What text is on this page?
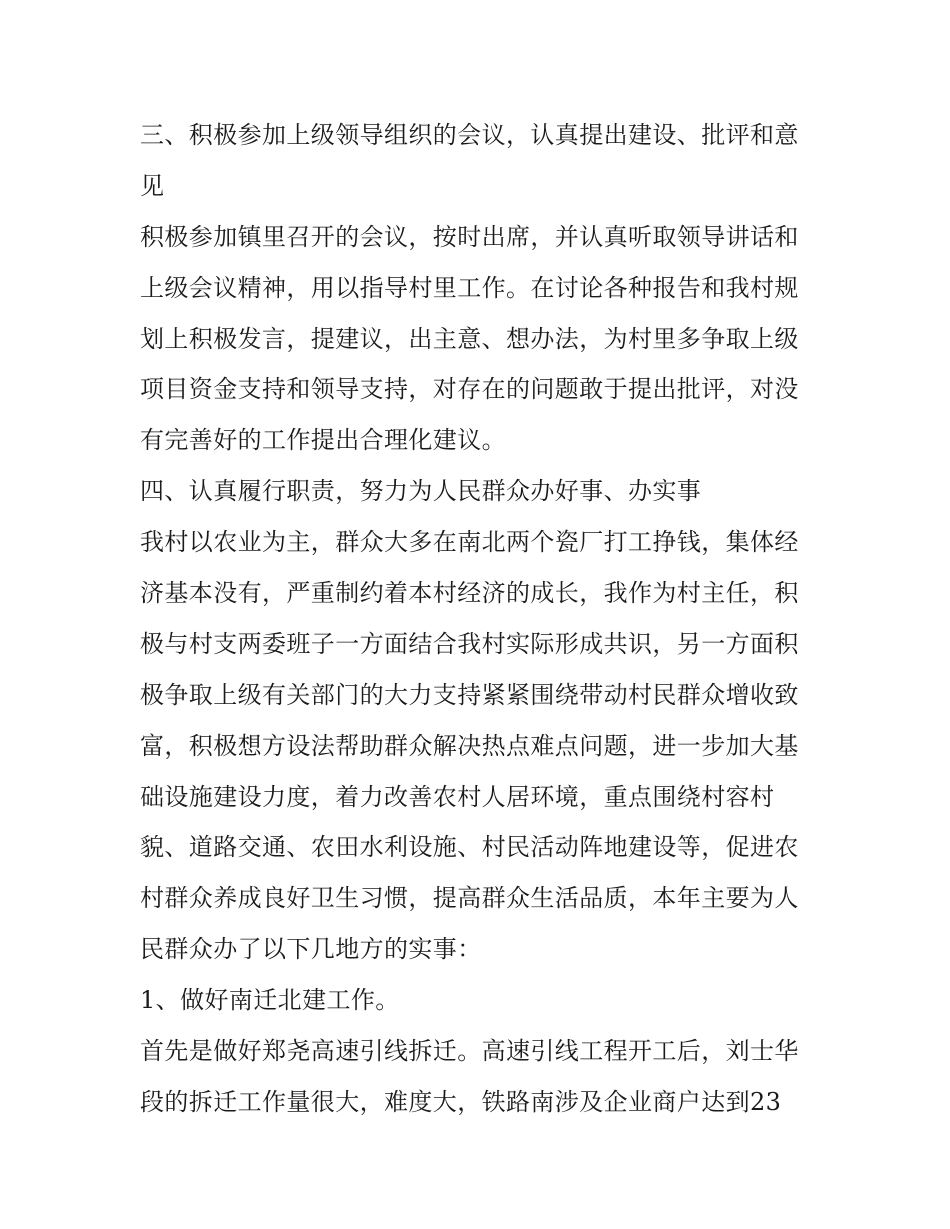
三、积极参加上级领导组织的会议，认真提出建设、批评和意
见
积极参加镇里召开的会议，按时出席，并认真听取领导讲话和
上级会议精神，用以指导村里工作。在讨论各种报告和我村规
划上积极发言，提建议，出主意、想办法，为村里多争取上级
项目资金支持和领导支持，对存在的问题敢于提出批评，对没
有完善好的工作提出合理化建议。
四、认真履行职责，努力为人民群众办好事、办实事
我村以农业为主，群众大多在南北两个瓷厂打工挣钱，集体经
济基本没有，严重制约着本村经济的成长，我作为村主任，积
极与村支两委班子一方面结合我村实际形成共识，另一方面积
极争取上级有关部门的大力支持紧紧围绕带动村民群众增收致
富，积极想方设法帮助群众解决热点难点问题，进一步加大基
础设施建设力度，着力改善农村人居环境，重点围绕村容村
貌、道路交通、农田水利设施、村民活动阵地建设等，促进农
村群众养成良好卫生习惯，提高群众生活品质，本年主要为人
民群众办了以下几地方的实事：
1、做好南迁北建工作。
首先是做好郑尧高速引线拆迁。高速引线工程开工后，刘士华
段的拆迁工作量很大，难度大，铁路南涉及企业商户达到23
